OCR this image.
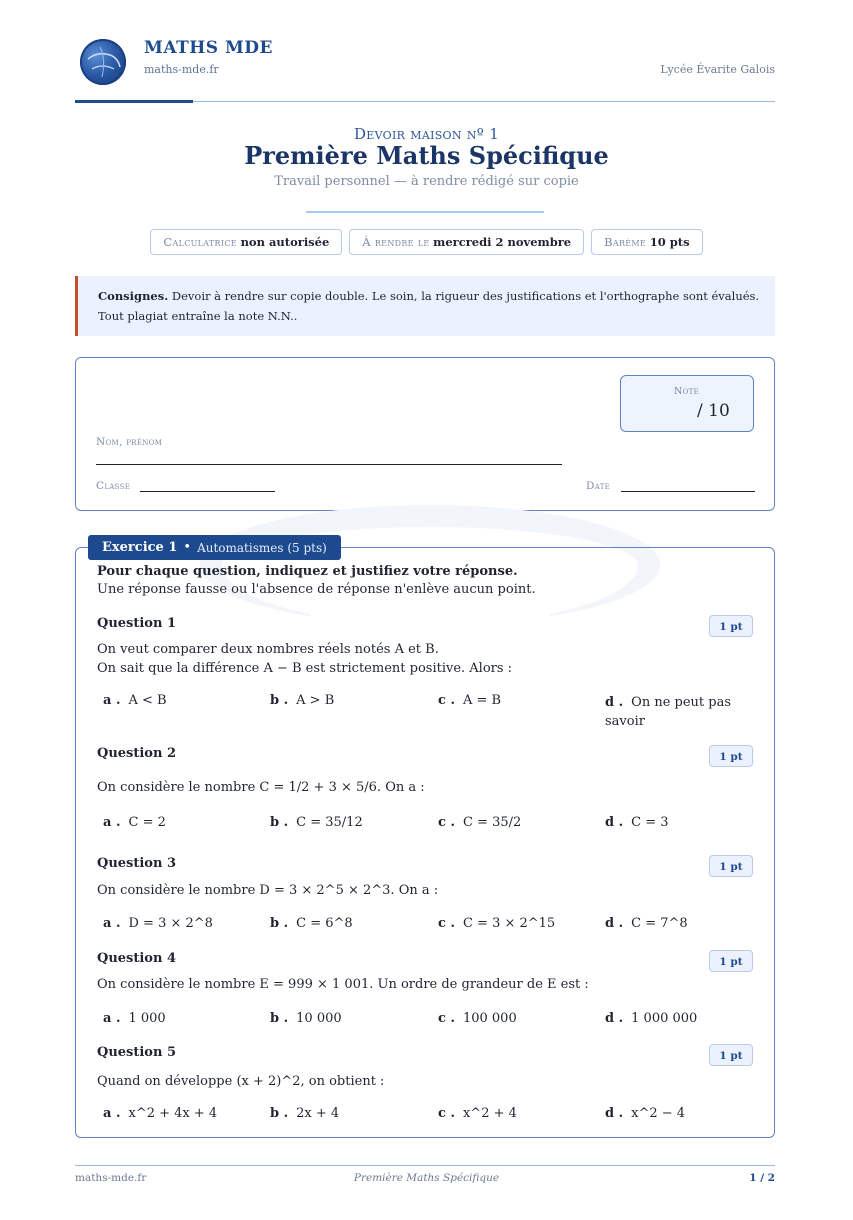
MATHS MDE
maths-mde.fr	Lycée Évarite Galois
Devoir maison nº 1
Première Maths Spécifique
Travail personnel — à rendre rédigé sur copie
Calculatrice non autorisée	À rendre le mercredi 2 novembre	Barème 10 pts
Consignes. Devoir à rendre sur copie double. Le soin, la rigueur des justifications et l'orthographe sont évalués. Tout plagiat entraîne la note N.N..
Note
/ 10
Nom, prénom
Classe	Date
Exercice 1 • Automatismes (5 pts)
Pour chaque question, indiquez et justifiez votre réponse.
Une réponse fausse ou l'absence de réponse n'enlève aucun point.
Question 1	1 pt
On veut comparer deux nombres réels notés A et B.
On sait que la différence A − B est strictement positive. Alors :
a . A < B	b . A > B	c . A = B	d . On ne peut pas savoir
Question 2	1 pt
On considère le nombre C = 1/2 + 3 × 5/6. On a :
a . C = 2	b . C = 35/12	c . C = 35/2	d . C = 3
Question 3	1 pt
On considère le nombre D = 3 × 2^5 × 2^3. On a :
a . D = 3 × 2^8	b . C = 6^8	c . C = 3 × 2^15	d . C = 7^8
Question 4	1 pt
On considère le nombre E = 999 × 1 001. Un ordre de grandeur de E est :
a . 1 000	b . 10 000	c . 100 000	d . 1 000 000
Question 5	1 pt
Quand on développe (x + 2)^2, on obtient :
a . x^2 + 4x + 4	b . 2x + 4	c . x^2 + 4	d . x^2 − 4
maths-mde.fr	Première Maths Spécifique	1 / 2
